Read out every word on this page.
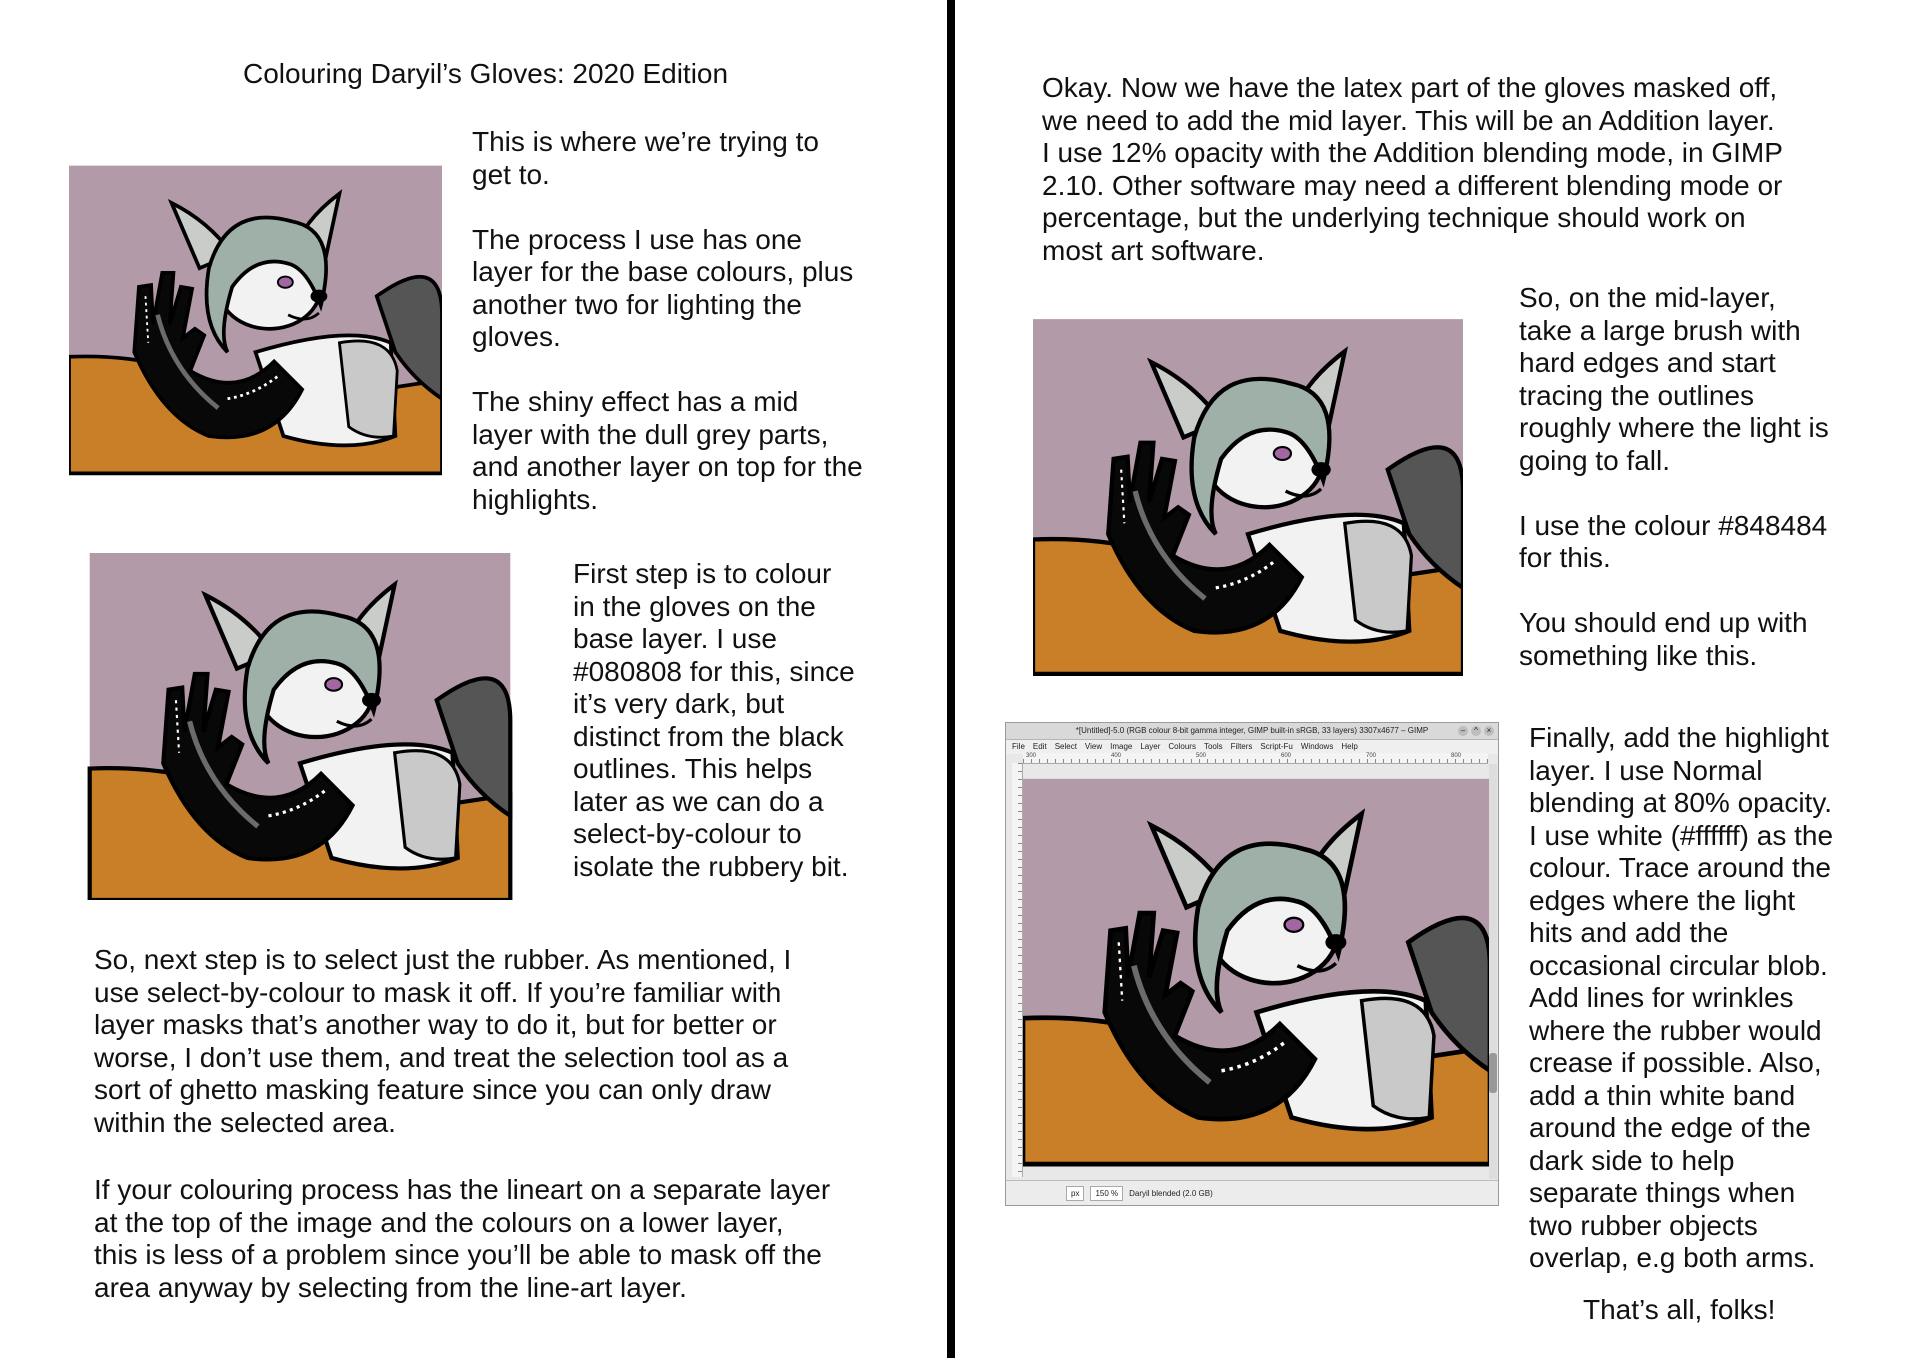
Colouring Daryil’s Gloves: 2020 Edition
This is where we’re trying to
get to.

The process I use has one
layer for the base colours, plus
another two for lighting the
gloves.

The shiny effect has a mid
layer with the dull grey parts,
and another layer on top for the
highlights.
First step is to colour
in the gloves on the
base layer. I use
#080808 for this, since
it’s very dark, but
distinct from the black
outlines. This helps
later as we can do a
select-by-colour to
isolate the rubbery bit.
So, next step is to select just the rubber. As mentioned, I
use select-by-colour to mask it off. If you’re familiar with
layer masks that’s another way to do it, but for better or
worse, I don’t use them, and treat the selection tool as a
sort of ghetto masking feature since you can only draw
within the selected area.
If your colouring process has the lineart on a separate layer
at the top of the image and the colours on a lower layer,
this is less of a problem since you’ll be able to mask off the
area anyway by selecting from the line-art layer.
Okay. Now we have the latex part of the gloves masked off,
we need to add the mid layer. This will be an Addition layer.
I use 12% opacity with the Addition blending mode, in GIMP
2.10. Other software may need a different blending mode or
percentage, but the underlying technique should work on
most art software.
So, on the mid-layer,
take a large brush with
hard edges and start
tracing the outlines
roughly where the light is
going to fall.

I use the colour #848484
for this.

You should end up with
something like this.
*[Untitled]-5.0 (RGB colour 8-bit gamma integer, GIMP built-in sRGB, 33 layers) 3307x4677 – GIMP	–	^	×
File Edit Select View Image Layer Colours Tools Filters Script-Fu Windows Help
300	400	500	600	700	800
px	150 %	Daryil blended (2.0 GB)
Finally, add the highlight
layer. I use Normal
blending at 80% opacity.
I use white (#ffffff) as the
colour. Trace around the
edges where the light
hits and add the
occasional circular blob.
Add lines for wrinkles
where the rubber would
crease if possible. Also,
add a thin white band
around the edge of the
dark side to help
separate things when
two rubber objects
overlap, e.g both arms.
That’s all, folks!
